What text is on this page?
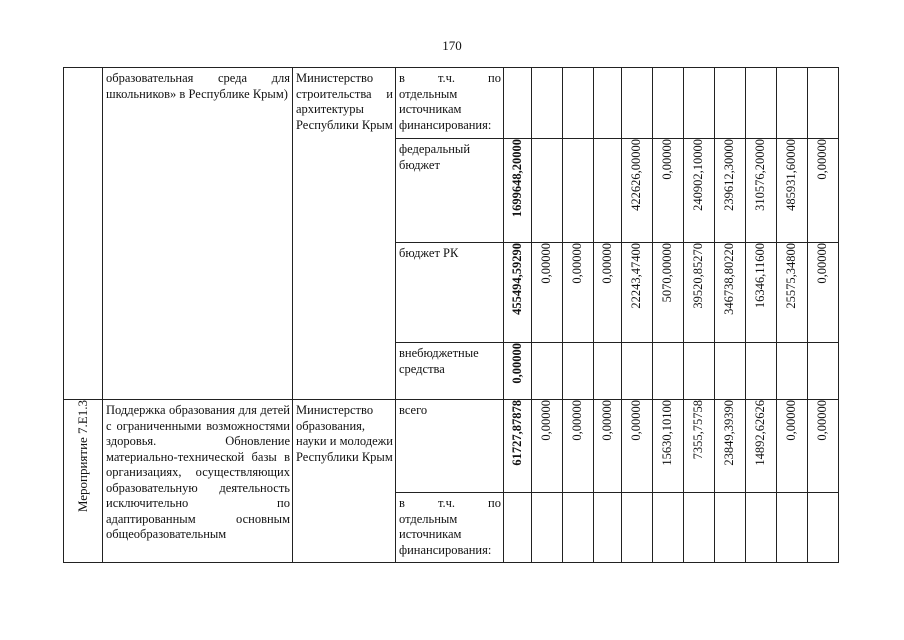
170

	образовательная среда для школьников» в Республике Крым)	Министерство строительства и архитектуры Республики Крым	в т.ч. по отдельным источникам финансирования:											

			федеральный бюджет	1699648,20000				422626,00000	0,00000	240902,10000	239612,30000	310576,20000	485931,60000	0,00000

			бюджет РК	455494,59290	0,00000	0,00000	0,00000	22243,47400	5070,00000	39520,85270	346738,80220	16346,11600	25575,34800	0,00000

			внебюджетные средства	0,00000										
Мероприятие 7.Е1.3	Поддержка образования для детей с ограниченными возможностями здоровья. Обновление материально-технической базы в организациях, осуществляющих образовательную деятельность исключительно по адаптированным основным общеобразовательным	Министерство образования, науки и молодежи Республики Крым	всего	61727,87878	0,00000	0,00000	0,00000	0,00000	15630,10100	7355,75758	23849,39390	14892,62626	0,00000	0,00000

			в т.ч. по отдельным источникам финансирования:											
